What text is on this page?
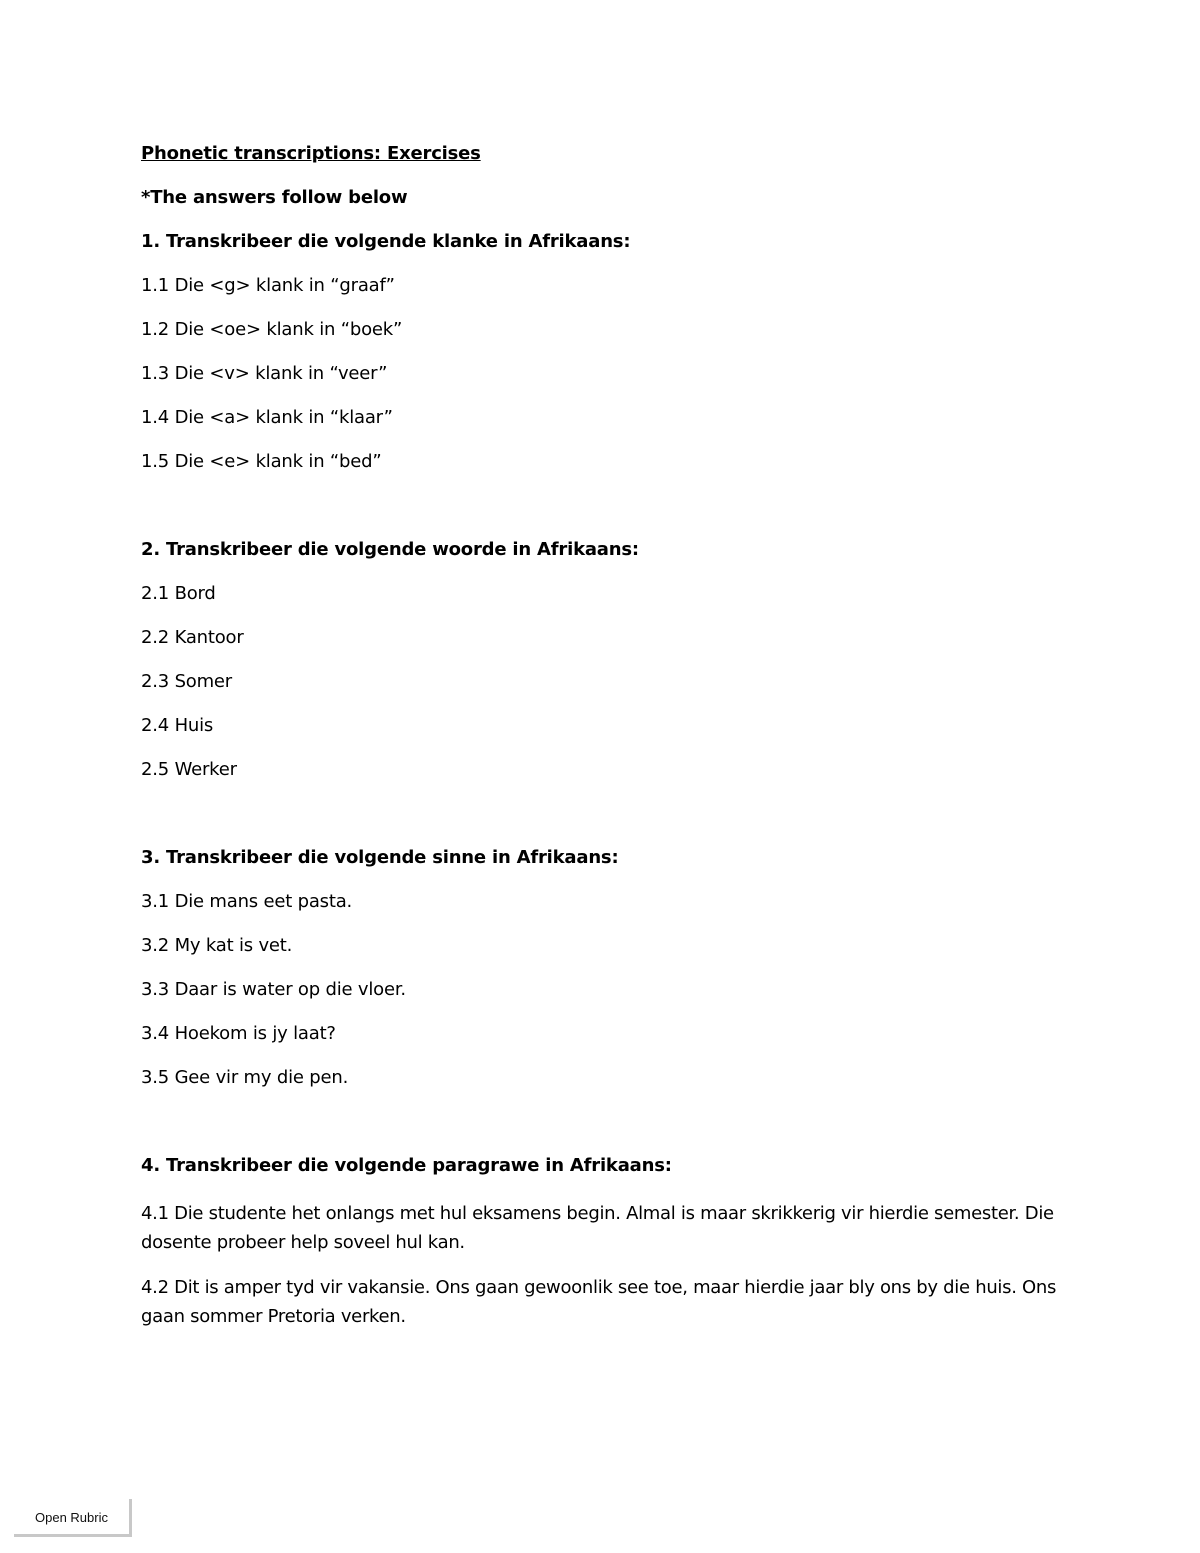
Phonetic transcriptions: Exercises
*The answers follow below
1. Transkribeer die volgende klanke in Afrikaans:
1.1 Die <g> klank in “graaf”
1.2 Die <oe> klank in “boek”
1.3 Die <v> klank in “veer”
1.4 Die <a> klank in “klaar”
1.5 Die <e> klank in “bed”
2. Transkribeer die volgende woorde in Afrikaans:
2.1 Bord
2.2 Kantoor
2.3 Somer
2.4 Huis
2.5 Werker
3. Transkribeer die volgende sinne in Afrikaans:
3.1 Die mans eet pasta.
3.2 My kat is vet.
3.3 Daar is water op die vloer.
3.4 Hoekom is jy laat?
3.5 Gee vir my die pen.
4. Transkribeer die volgende paragrawe in Afrikaans:
4.1 Die studente het onlangs met hul eksamens begin. Almal is maar skrikkerig vir hierdie semester. Die dosente probeer help soveel hul kan.
4.2 Dit is amper tyd vir vakansie. Ons gaan gewoonlik see toe, maar hierdie jaar bly ons by die huis. Ons gaan sommer Pretoria verken.
Open Rubric
